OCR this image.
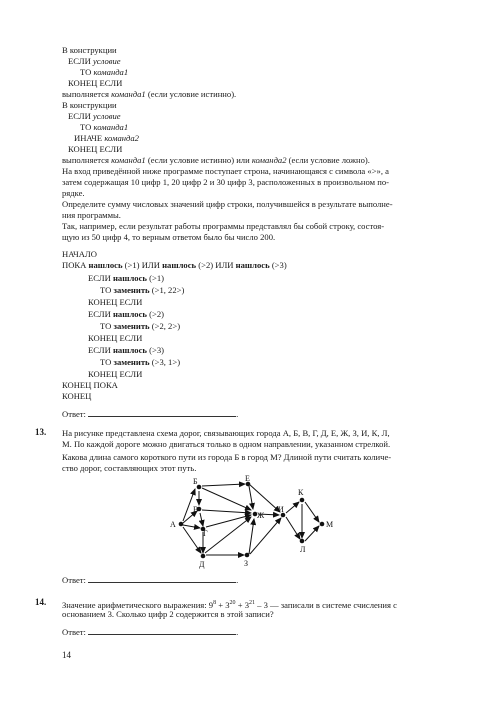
В конструкции
ЕСЛИ условие
ТО команда1
КОНЕЦ ЕСЛИ
выполняется команда1 (если условие истинно).
В конструкции
ЕСЛИ условие
ТО команда1
ИНАЧЕ команда2
КОНЕЦ ЕСЛИ
выполняется команда1 (если условие истинно) или команда2 (если условие ложно).
На вход приведённой ниже программе поступает строна, начинающаяся с символа «>», а
затем содержащая 10 цифр 1, 20 цифр 2 и 30 цифр 3, расположенных в произвольном по-
рядке.
Определите сумму числовых значений цифр строки, получившейся в результате выполне-
ния программы.
Так, например, если результат работы программы представлял бы собой строку, состоя-
щую из 50 цифр 4, то верным ответом было бы число 200.
НАЧАЛО
ПОКА нашлось (>1) ИЛИ нашлось (>2) ИЛИ нашлось (>3)
ЕСЛИ нашлось (>1)
ТО заменить (>1, 22>)
КОНЕЦ ЕСЛИ
ЕСЛИ нашлось (>2)
ТО заменить (>2, 2>)
КОНЕЦ ЕСЛИ
ЕСЛИ нашлось (>3)
ТО заменить (>3, 1>)
КОНЕЦ ЕСЛИ
КОНЕЦ ПОКА
КОНЕЦ
Ответ:	.
13. На рисунке представлена схема дорог, связывающих города А, Б, В, Г, Д, Е, Ж, З, И, К, Л,
М. По каждой дороге можно двигаться только в одном направлении, указанном стрелкой.
Какова длина самого короткого пути из города Б в город М? Длиной пути считать количе-
ство дорог, составляющих этот путь.
А
Б
В
Г
Д
Е
Ж
З
И
К
Л
М
Ответ:	.
14. Значение арифметического выражения: $9^8 + 3^{20} + 3^{21} - 3$ — записали в системе счисления с
основанием 3. Сколько цифр 2 содержится в этой записи?
Ответ:	.
14
